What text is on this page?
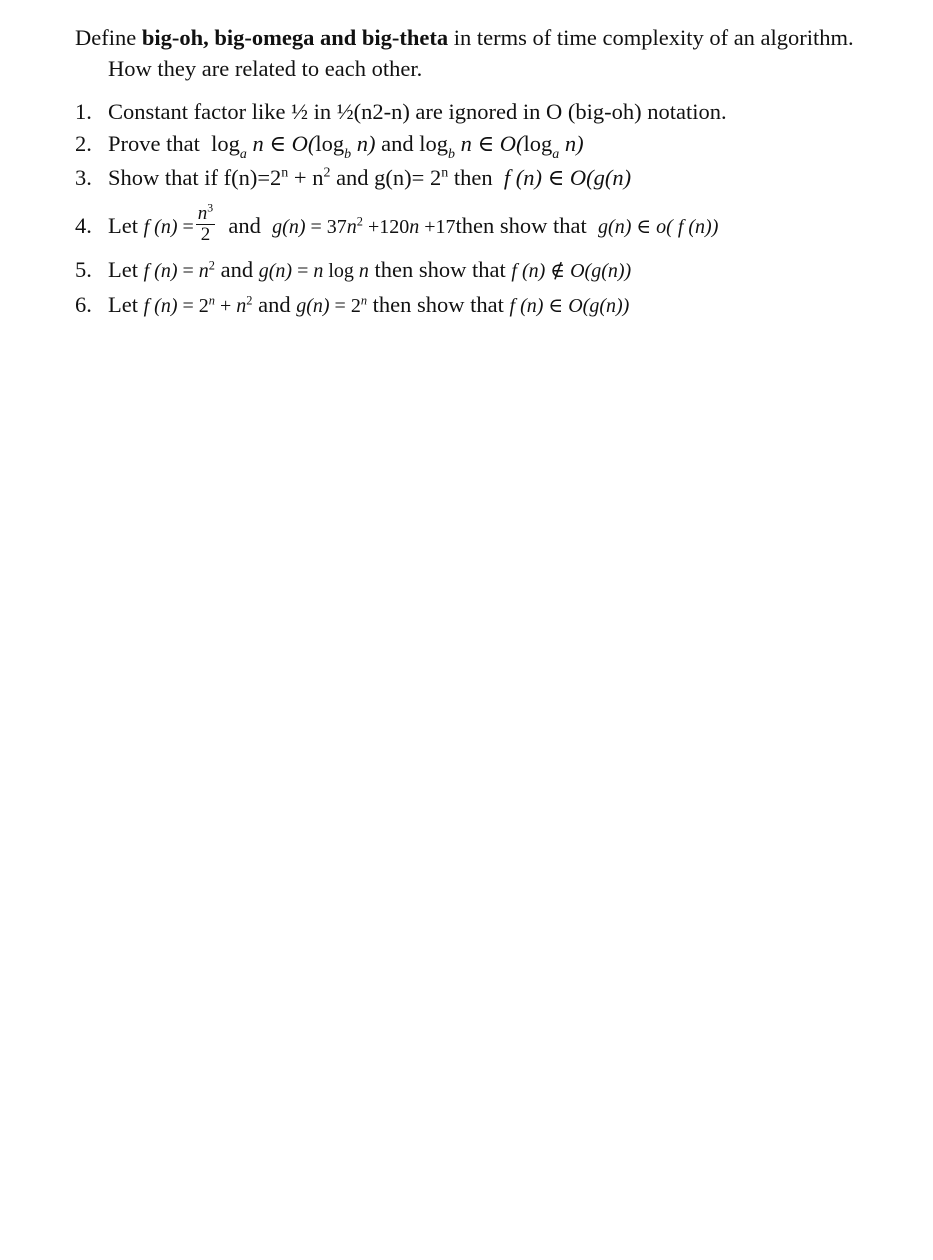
Define big-oh, big-omega and big-theta in terms of time complexity of an algorithm. How they are related to each other.

1. Constant factor like ½ in ½(n2-n) are ignored in O (big-oh) notation.
2. Prove that $\log_a n$ ∈ $O(\log_b$ n) and $\log_b n$ ∈ $O(\log_a$ n)
3. Show that if $f(n)=2^n + n^2$ and $g(n)= 2^n$ then f (n) ∈ O(g(n)
4. Let f $(n) = \frac{n^3}{2}$ and $g(n) = 37n^2 +120n$ +17then show that g(n) ∈ o( f (n))
5. Let f $(n) = n^2$ and g(n) = n log n then show that f (n) ∉ O(g(n))
6. Let f $(n) = 2^n + n^2$ and $g(n) = 2^n$ then show that f (n) ∈ O(g(n))
